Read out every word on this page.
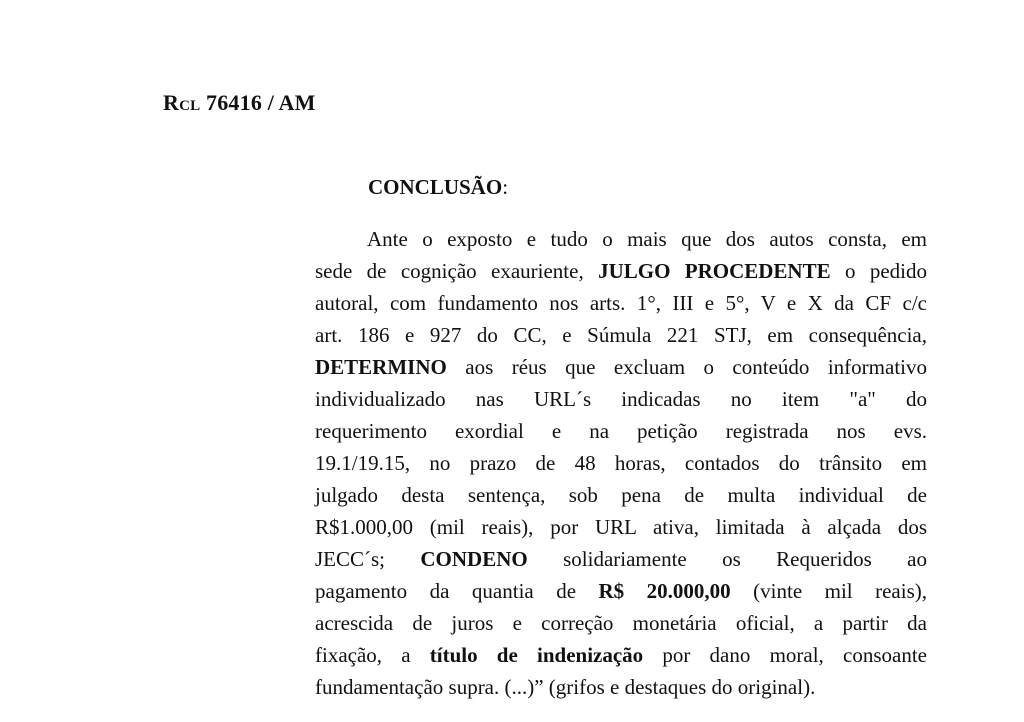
Rcl 76416 / AM
CONCLUSÃO:
Ante o exposto e tudo o mais que dos autos consta, em
sede de cognição exauriente, JULGO PROCEDENTE o pedido
autoral, com fundamento nos arts. 1°, III e 5°, V e X da CF c/c
art. 186 e 927 do CC, e Súmula 221 STJ, em consequência,
DETERMINO aos réus que excluam o conteúdo informativo
individualizado nas URL´s indicadas no item "a" do
requerimento exordial e na petição registrada nos evs.
19.1/19.15, no prazo de 48 horas, contados do trânsito em
julgado desta sentença, sob pena de multa individual de
R$1.000,00 (mil reais), por URL ativa, limitada à alçada dos
JECC´s; CONDENO solidariamente os Requeridos ao
pagamento da quantia de R$ 20.000,00 (vinte mil reais),
acrescida de juros e correção monetária oficial, a partir da
fixação, a título de indenização por dano moral, consoante
fundamentação supra. (...)” (grifos e destaques do original).
